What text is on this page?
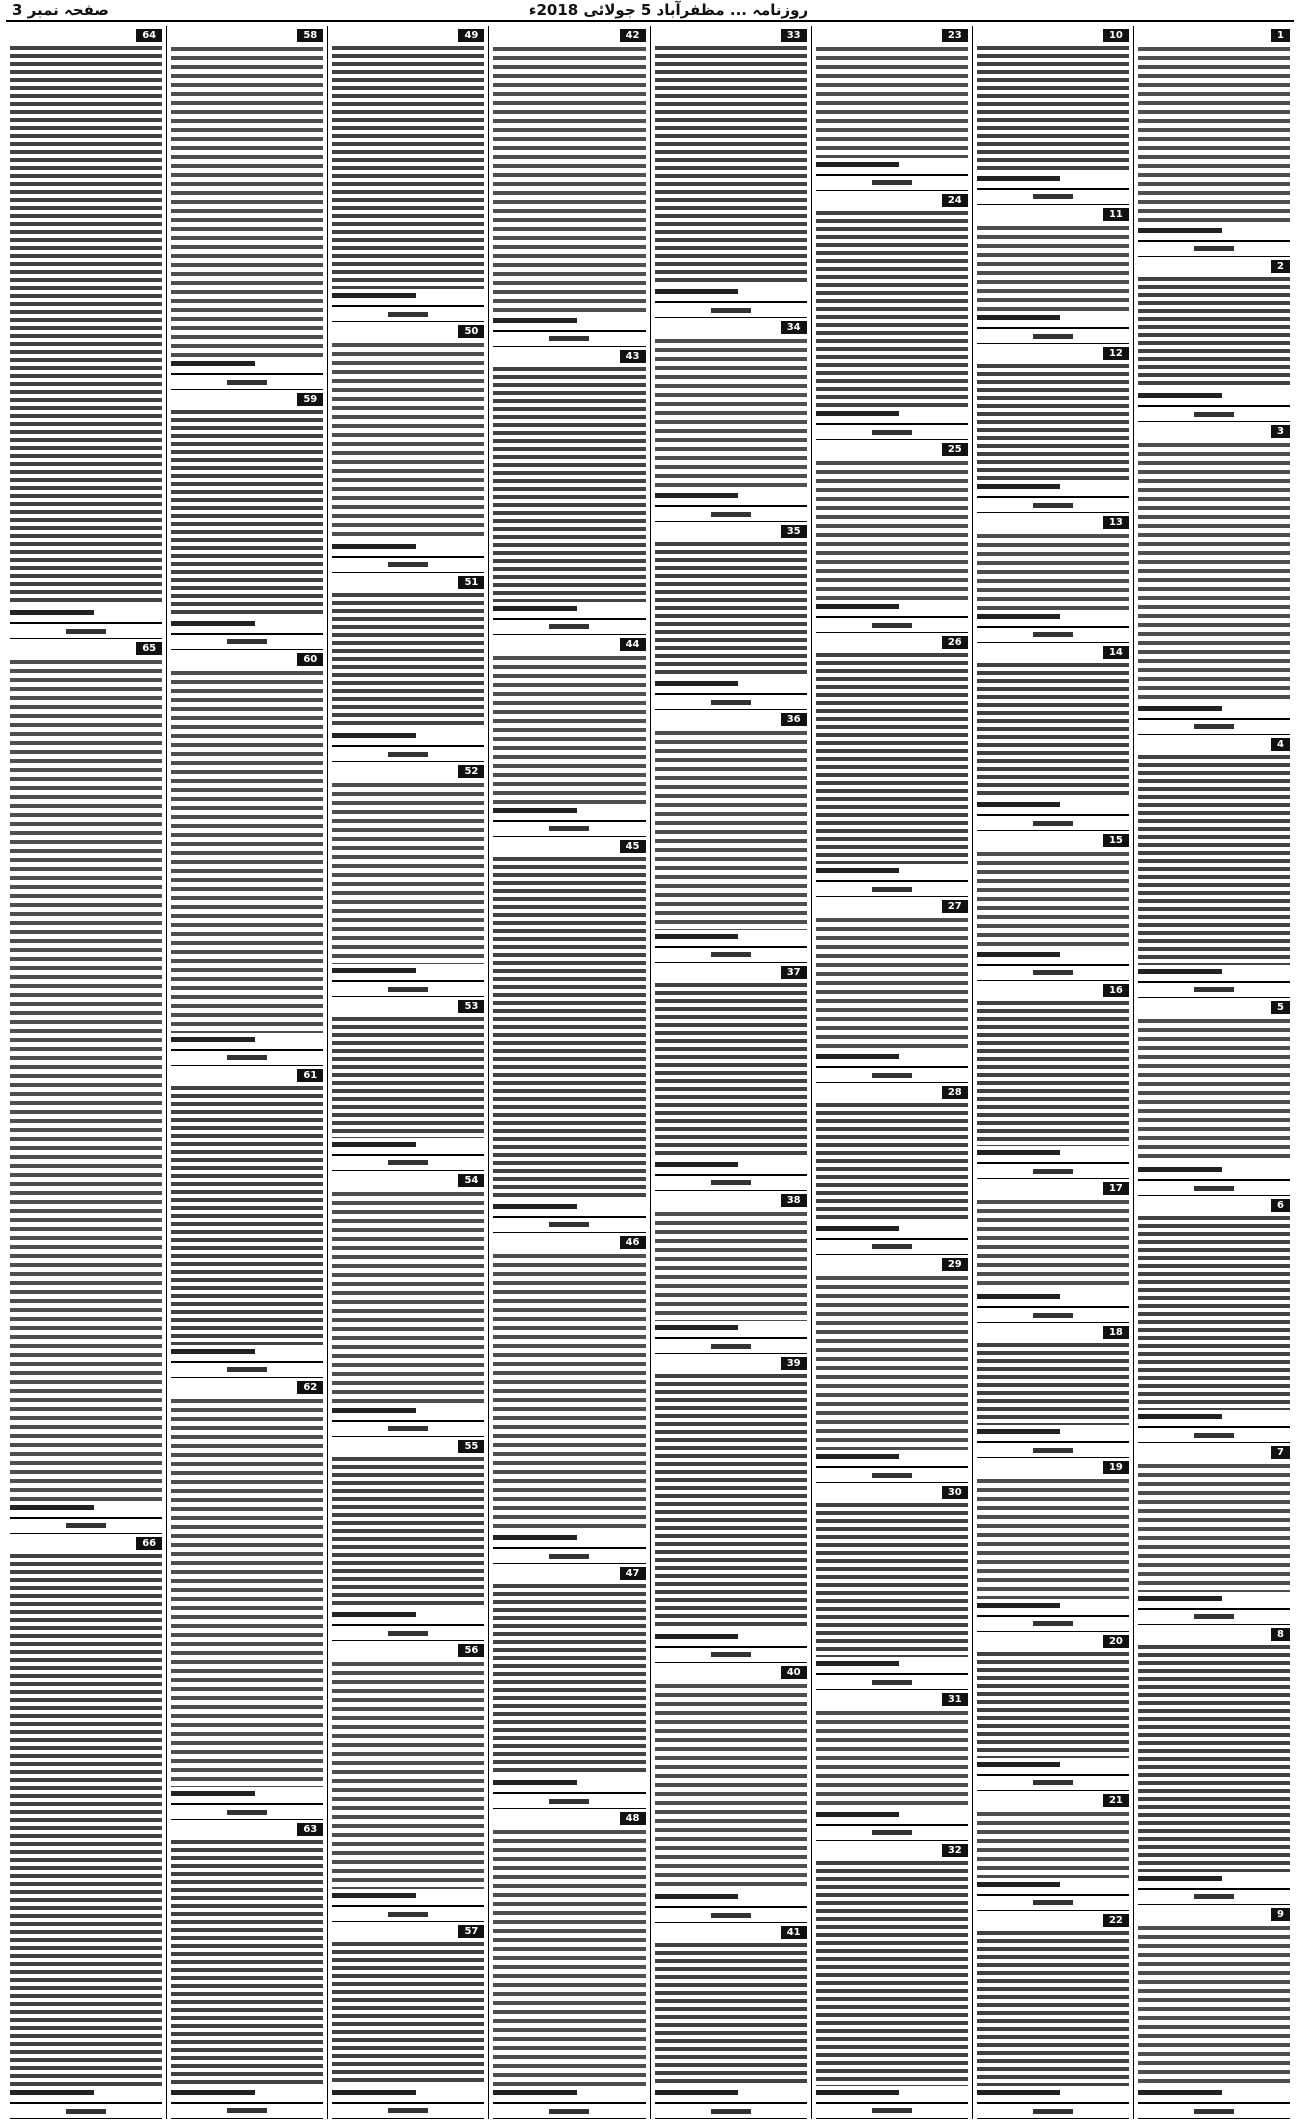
صفحہ نمبر 3	روزنامہ ... مظفرآباد 5 جولائی 2018ء
1
2
3
4
5
6
7
8
9
10
11
12
13
14
15
16
17
18
19
20
21
22
23
24
25
26
27
28
29
30
31
32
33
34
35
36
37
38
39
40
41
42
43
44
45
46
47
48
49
50
51
52
53
54
55
56
57
58
59
60
61
62
63
64
65
66
